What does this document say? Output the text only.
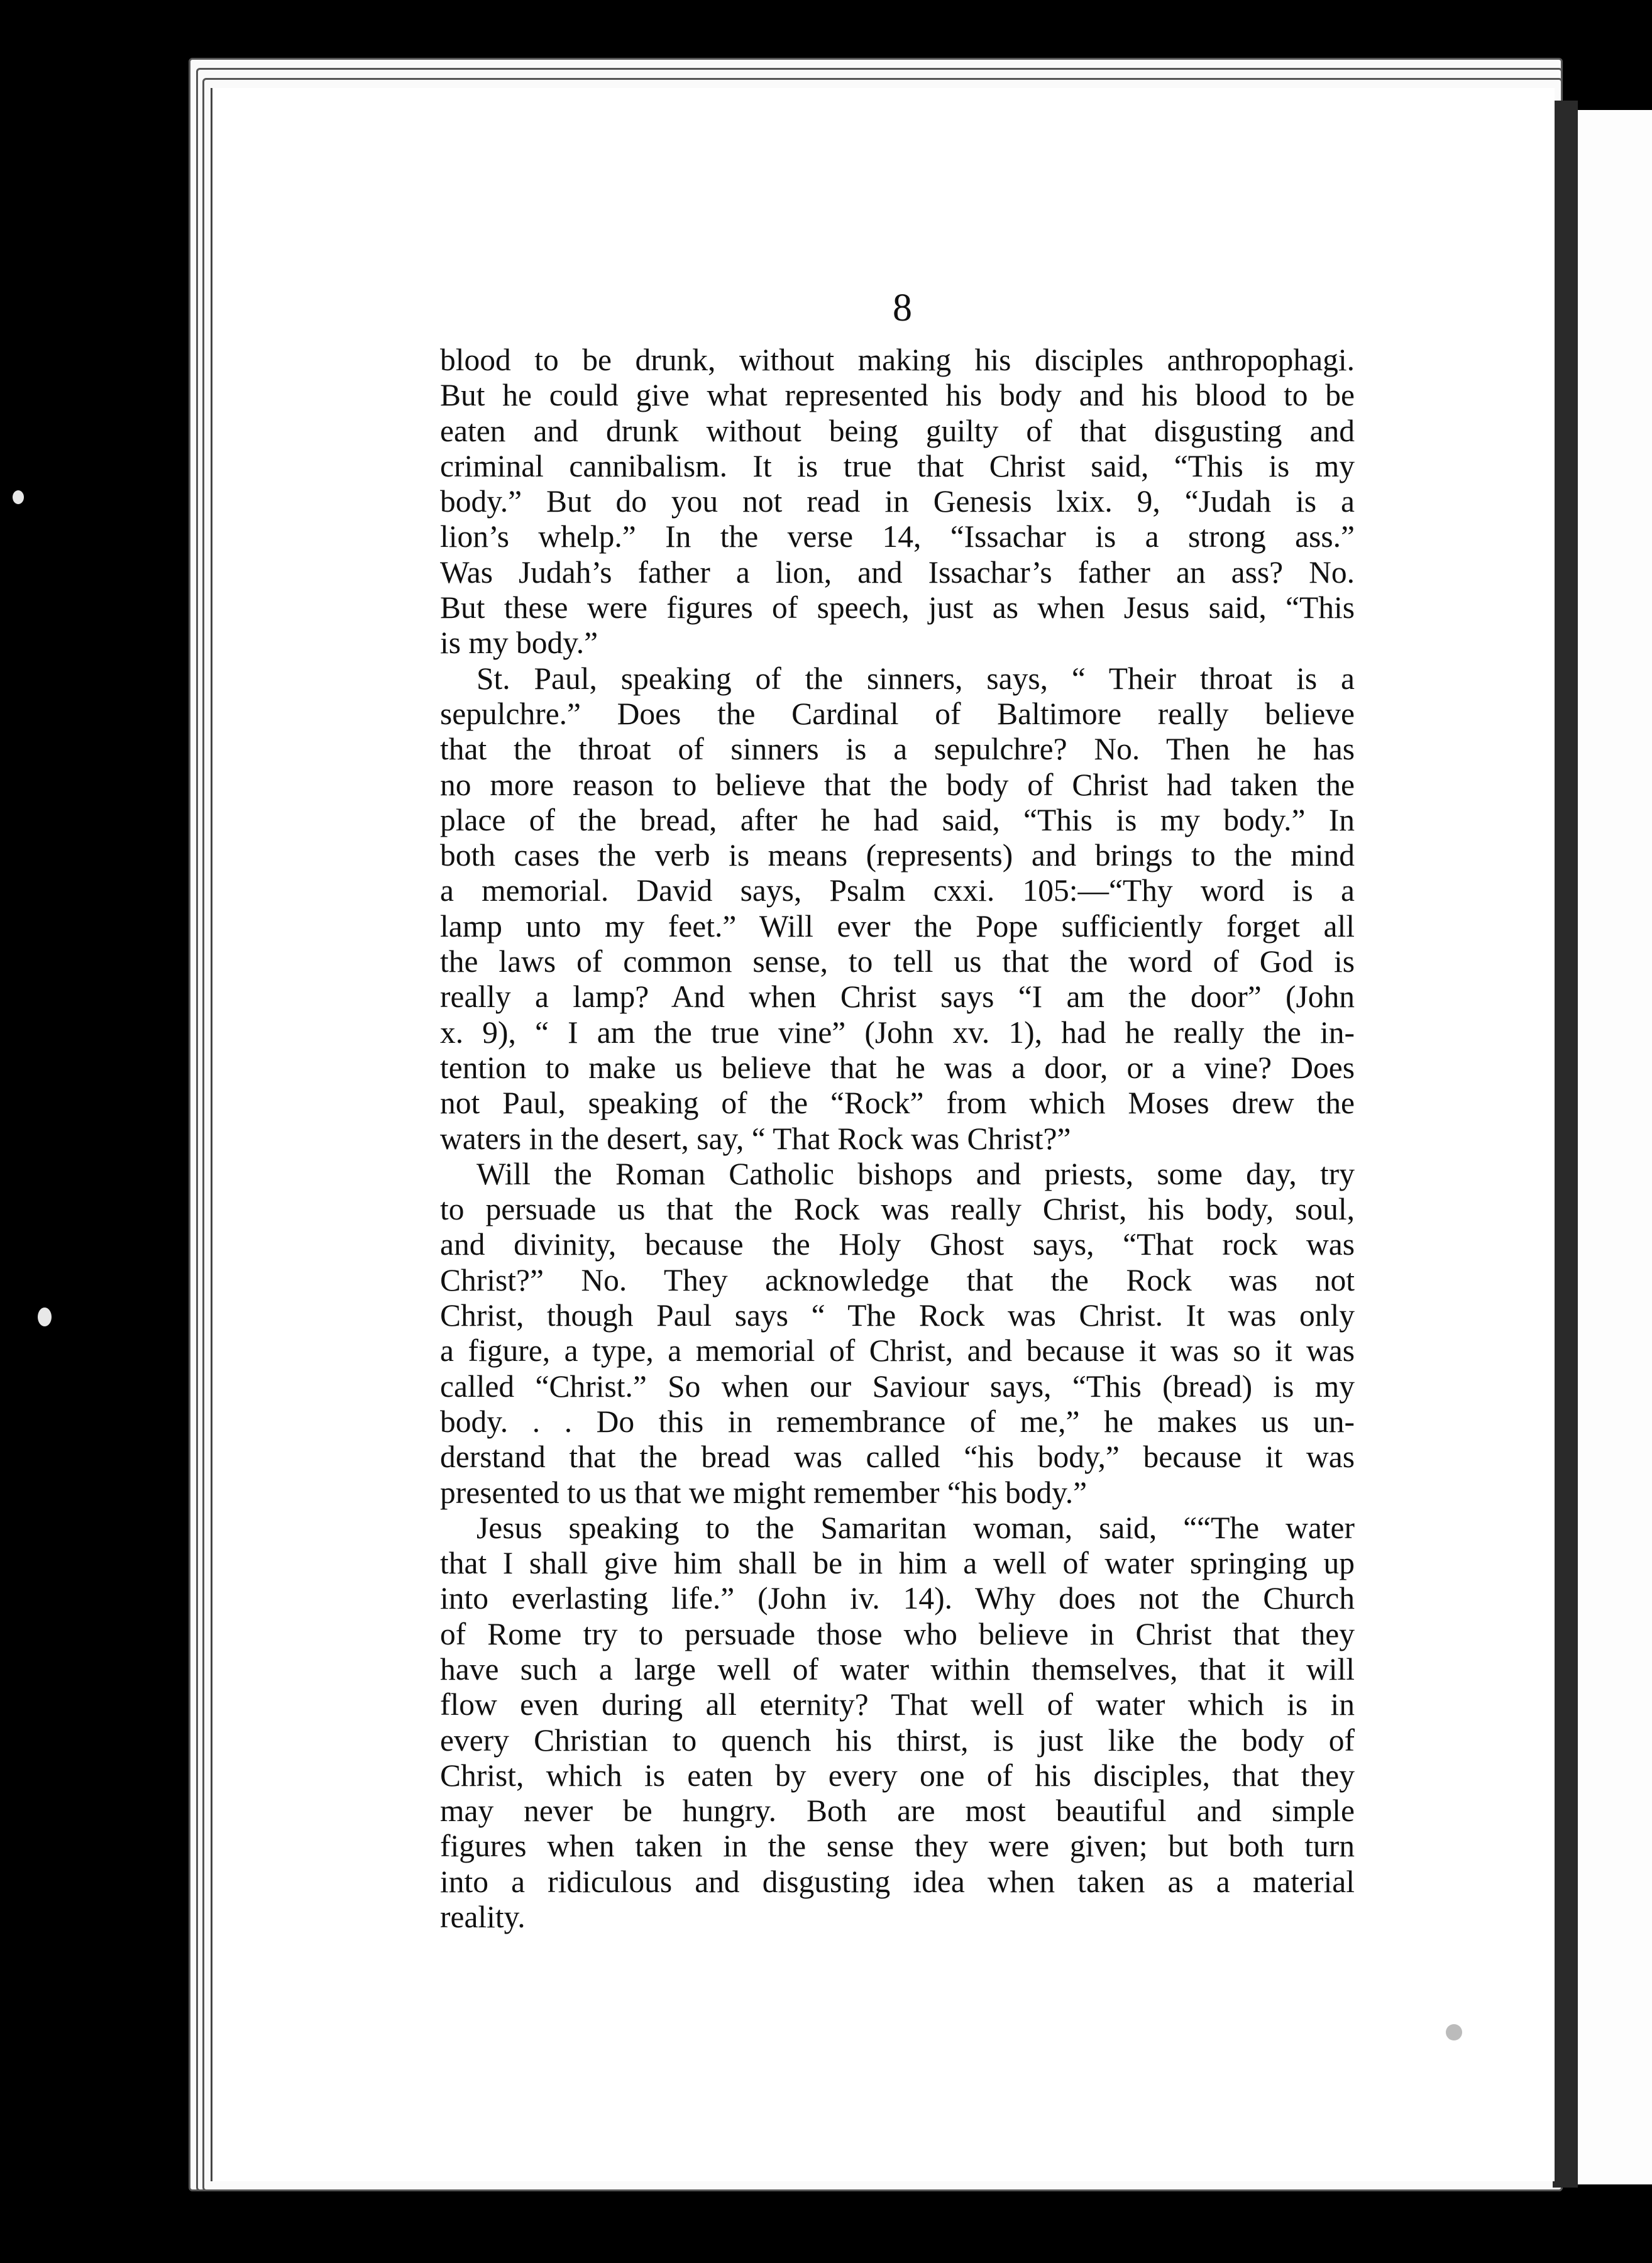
8
blood to be drunk, without making his disciples anthropophagi.
But he could give what represented his body and his blood to be
eaten and drunk without being guilty of that disgusting and
criminal cannibalism. It is true that Christ said, “This is my
body.” But do you not read in Genesis lxix. 9, “Judah is a
lion’s whelp.” In the verse 14, “Issachar is a strong ass.”
Was Judah’s father a lion, and Issachar’s father an ass? No.
But these were figures of speech, just as when Jesus said, “This
is my body.”
St. Paul, speaking of the sinners, says, “ Their throat is a
sepulchre.” Does the Cardinal of Baltimore really believe
that the throat of sinners is a sepulchre? No. Then he has
no more reason to believe that the body of Christ had taken the
place of the bread, after he had said, “This is my body.” In
both cases the verb is means (represents) and brings to the mind
a memorial. David says, Psalm cxxi. 105:—“Thy word is a
lamp unto my feet.” Will ever the Pope sufficiently forget all
the laws of common sense, to tell us that the word of God is
really a lamp? And when Christ says “I am the door” (John
x. 9), “ I am the true vine” (John xv. 1), had he really the in-
tention to make us believe that he was a door, or a vine? Does
not Paul, speaking of the “Rock” from which Moses drew the
waters in the desert, say, “ That Rock was Christ?”
Will the Roman Catholic bishops and priests, some day, try
to persuade us that the Rock was really Christ, his body, soul,
and divinity, because the Holy Ghost says, “That rock was
Christ?” No. They acknowledge that the Rock was not
Christ, though Paul says “ The Rock was Christ. It was only
a figure, a type, a memorial of Christ, and because it was so it was
called “Christ.” So when our Saviour says, “This (bread) is my
body. . . Do this in remembrance of me,” he makes us un-
derstand that the bread was called “his body,” because it was
presented to us that we might remember “his body.”
Jesus speaking to the Samaritan woman, said, ““The water
that I shall give him shall be in him a well of water springing up
into everlasting life.” (John iv. 14). Why does not the Church
of Rome try to persuade those who believe in Christ that they
have such a large well of water within themselves, that it will
flow even during all eternity? That well of water which is in
every Christian to quench his thirst, is just like the body of
Christ, which is eaten by every one of his disciples, that they
may never be hungry. Both are most beautiful and simple
figures when taken in the sense they were given; but both turn
into a ridiculous and disgusting idea when taken as a material
reality.
